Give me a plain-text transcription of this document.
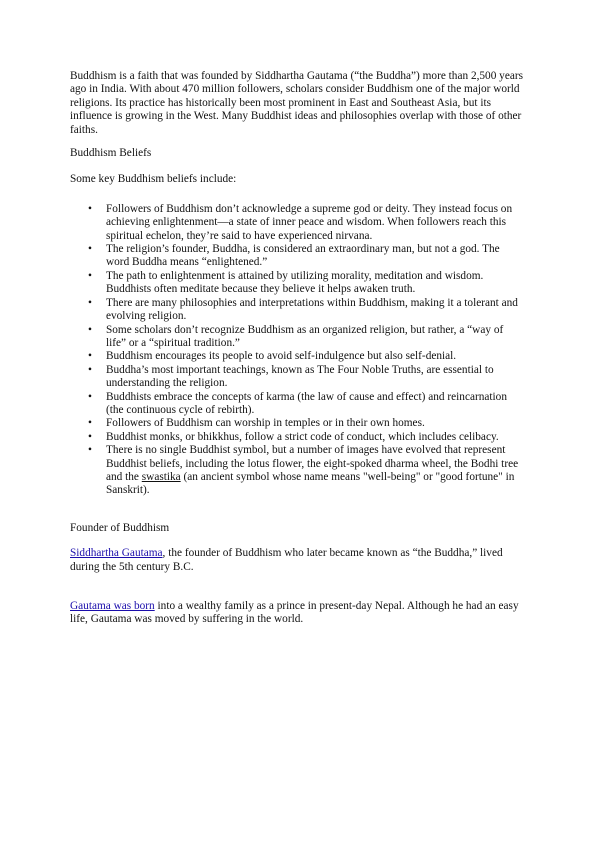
Buddhism is a faith that was founded by Siddhartha Gautama (“the Buddha”) more than 2,500 years ago in India. With about 470 million followers, scholars consider Buddhism one of the major world religions. Its practice has historically been most prominent in East and Southeast Asia, but its influence is growing in the West. Many Buddhist ideas and philosophies overlap with those of other faiths.

Buddhism Beliefs

Some key Buddhism beliefs include:

• Followers of Buddhism don’t acknowledge a supreme god or deity. They instead focus on achieving enlightenment—a state of inner peace and wisdom. When followers reach this spiritual echelon, they’re said to have experienced nirvana.
• The religion’s founder, Buddha, is considered an extraordinary man, but not a god. The word Buddha means “enlightened.”
• The path to enlightenment is attained by utilizing morality, meditation and wisdom. Buddhists often meditate because they believe it helps awaken truth.
• There are many philosophies and interpretations within Buddhism, making it a tolerant and evolving religion.
• Some scholars don’t recognize Buddhism as an organized religion, but rather, a “way of life” or a “spiritual tradition.”
• Buddhism encourages its people to avoid self-indulgence but also self-denial.
• Buddha’s most important teachings, known as The Four Noble Truths, are essential to understanding the religion.
• Buddhists embrace the concepts of karma (the law of cause and effect) and reincarnation (the continuous cycle of rebirth).
• Followers of Buddhism can worship in temples or in their own homes.
• Buddhist monks, or bhikkhus, follow a strict code of conduct, which includes celibacy.
• There is no single Buddhist symbol, but a number of images have evolved that represent Buddhist beliefs, including the lotus flower, the eight-spoked dharma wheel, the Bodhi tree and the swastika (an ancient symbol whose name means "well-being" or "good fortune" in Sanskrit).

Founder of Buddhism

Siddhartha Gautama, the founder of Buddhism who later became known as “the Buddha,” lived during the 5th century B.C.

Gautama was born into a wealthy family as a prince in present-day Nepal. Although he had an easy life, Gautama was moved by suffering in the world.
